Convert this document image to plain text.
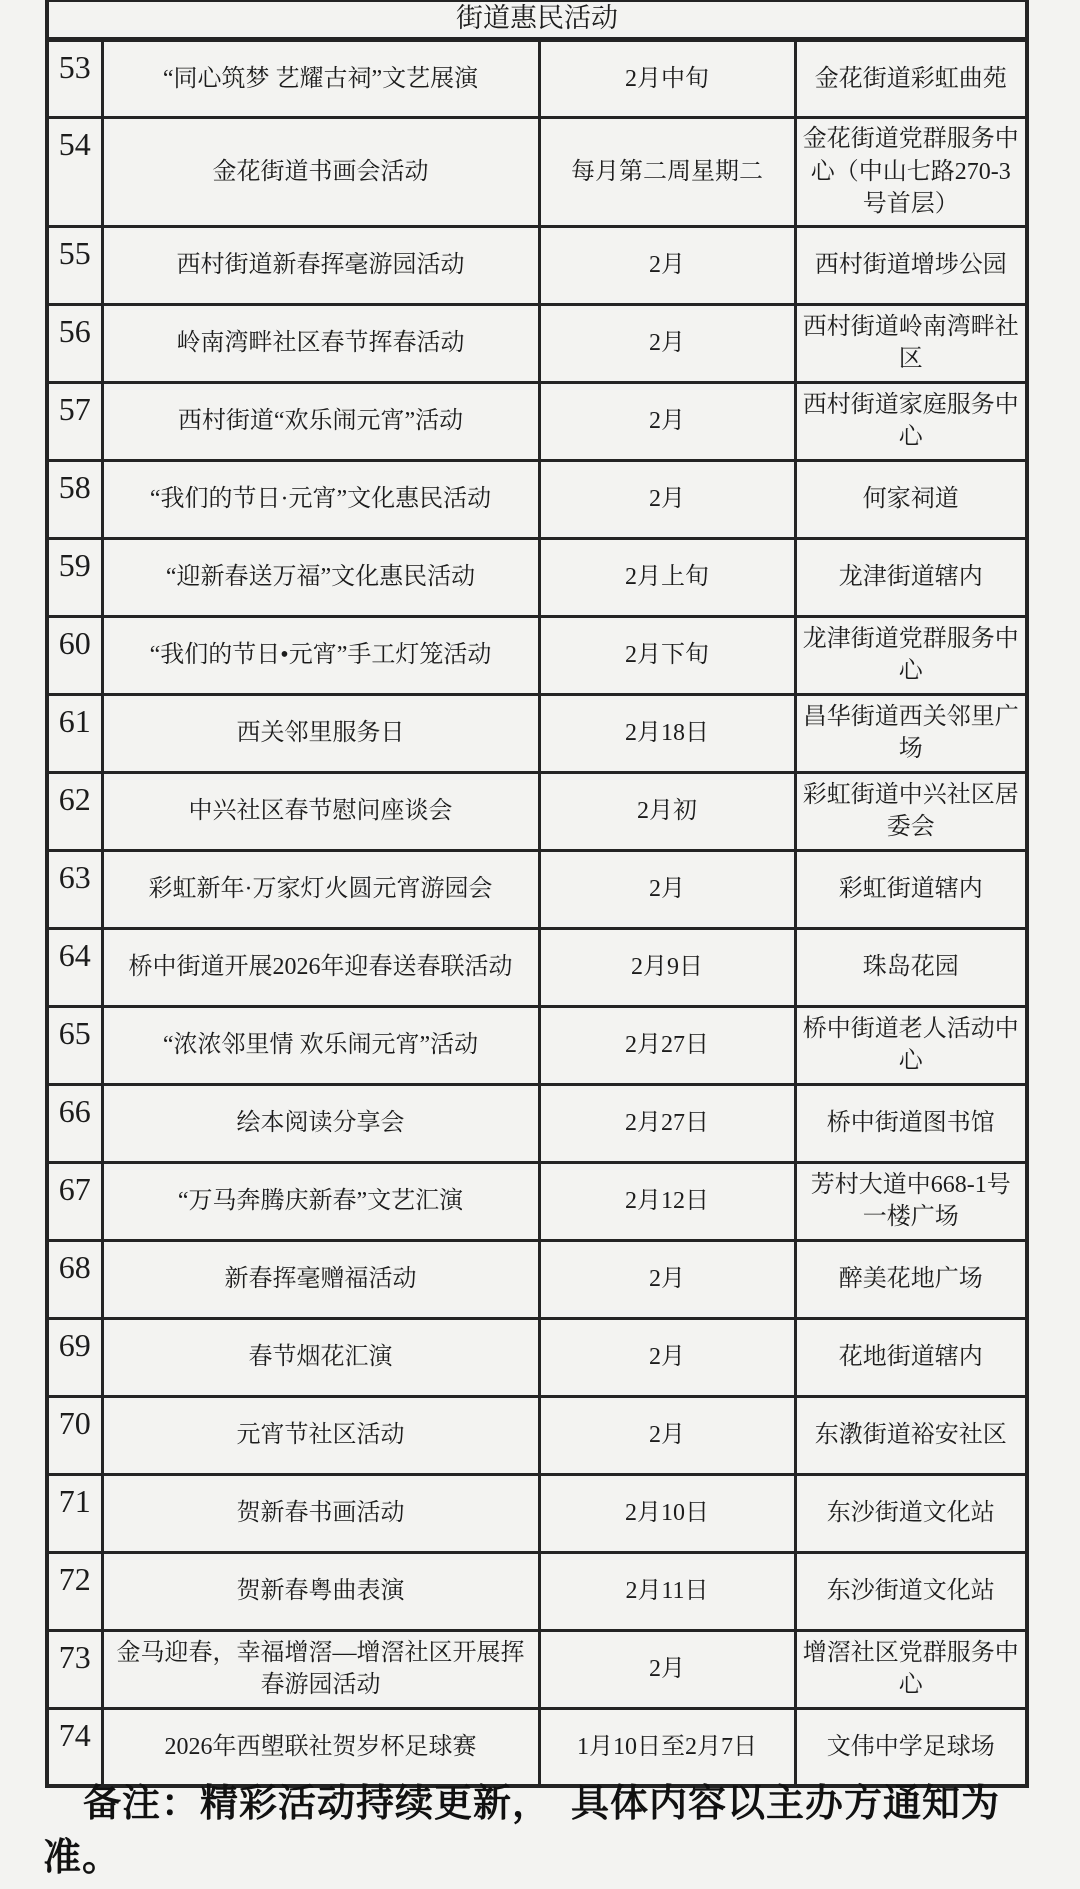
街道惠民活动			
53	“同心筑梦 艺耀古祠”文艺展演	2月中旬	金花街道彩虹曲苑
54	金花街道书画会活动	每月第二周星期二	金花街道党群服务中心（中山七路270-3号首层）
55	西村街道新春挥毫游园活动	2月	西村街道增埗公园
56	岭南湾畔社区春节挥春活动	2月	西村街道岭南湾畔社区
57	西村街道“欢乐闹元宵”活动	2月	西村街道家庭服务中心
58	“我们的节日·元宵”文化惠民活动	2月	何家祠道
59	“迎新春送万福”文化惠民活动	2月上旬	龙津街道辖内
60	“我们的节日•元宵”手工灯笼活动	2月下旬	龙津街道党群服务中心
61	西关邻里服务日	2月18日	昌华街道西关邻里广场
62	中兴社区春节慰问座谈会	2月初	彩虹街道中兴社区居委会
63	彩虹新年·万家灯火圆元宵游园会	2月	彩虹街道辖内
64	桥中街道开展2026年迎春送春联活动	2月9日	珠岛花园
65	“浓浓邻里情 欢乐闹元宵”活动	2月27日	桥中街道老人活动中心
66	绘本阅读分享会	2月27日	桥中街道图书馆
67	“万马奔腾庆新春”文艺汇演	2月12日	芳村大道中668-1号一楼广场
68	新春挥毫赠福活动	2月	醉美花地广场
69	春节烟花汇演	2月	花地街道辖内
70	元宵节社区活动	2月	东漖街道裕安社区
71	贺新春书画活动	2月10日	东沙街道文化站
72	贺新春粤曲表演	2月11日	东沙街道文化站
73	金马迎春，幸福增滘—增滘社区开展挥春游园活动	2月	增滘社区党群服务中心
74	2026年西塱联社贺岁杯足球赛	1月10日至2月7日	文伟中学足球场

备注：精彩活动持续更新，　具体内容以主办方通知为准。
